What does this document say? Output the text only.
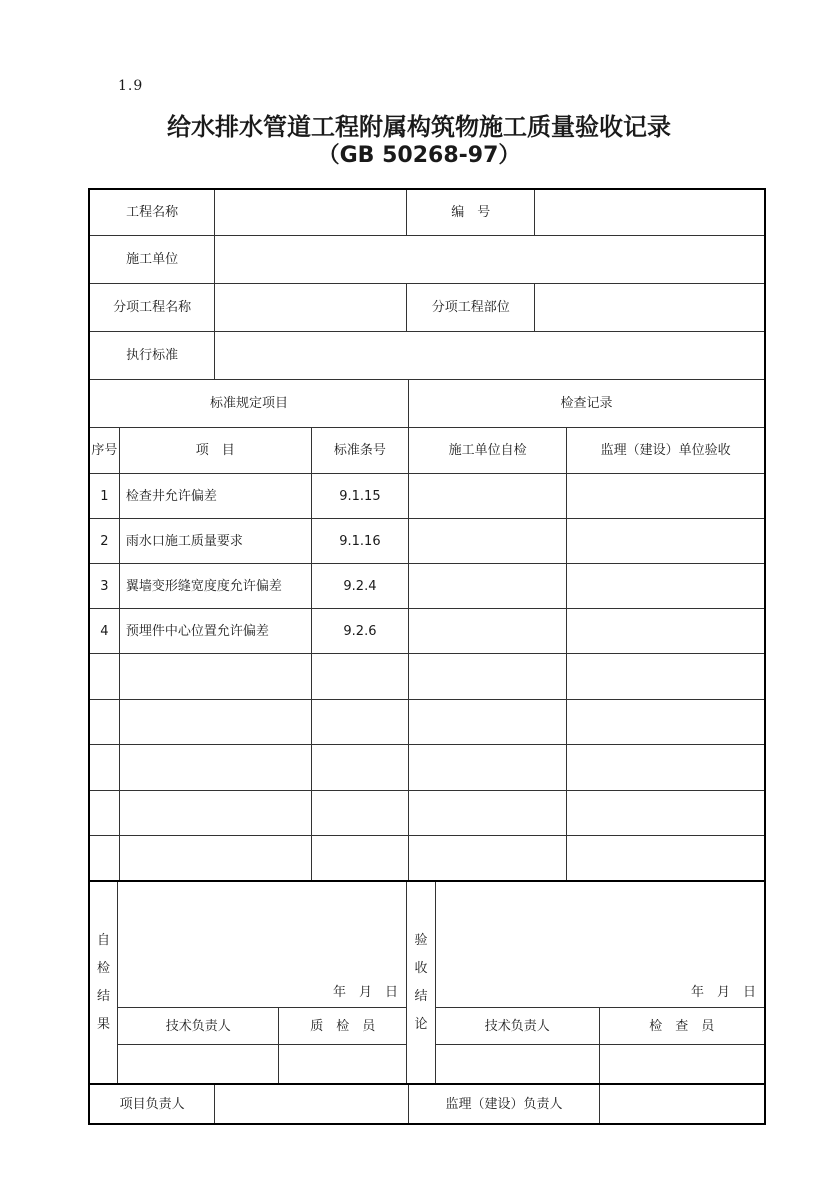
1.9
给水排水管道工程附属构筑物施工质量验收记录
（GB 50268-97）
工程名称	编　号
施工单位
分项工程名称	分项工程部位
执行标准
标准规定项目	检查记录
序号	项　目	标准条号	施工单位自检	监理（建设）单位验收
1	检查井允许偏差	9.1.15
2	雨水口施工质量要求	9.1.16
3	翼墙变形缝宽度度允许偏差	9.2.4
4	预埋件中心位置允许偏差	9.2.6
自检结果
年　月　日
技术负责人	质　检　员
验收结论
年　月　日
技术负责人	检　查　员
项目负责人	监理（建设）负责人
